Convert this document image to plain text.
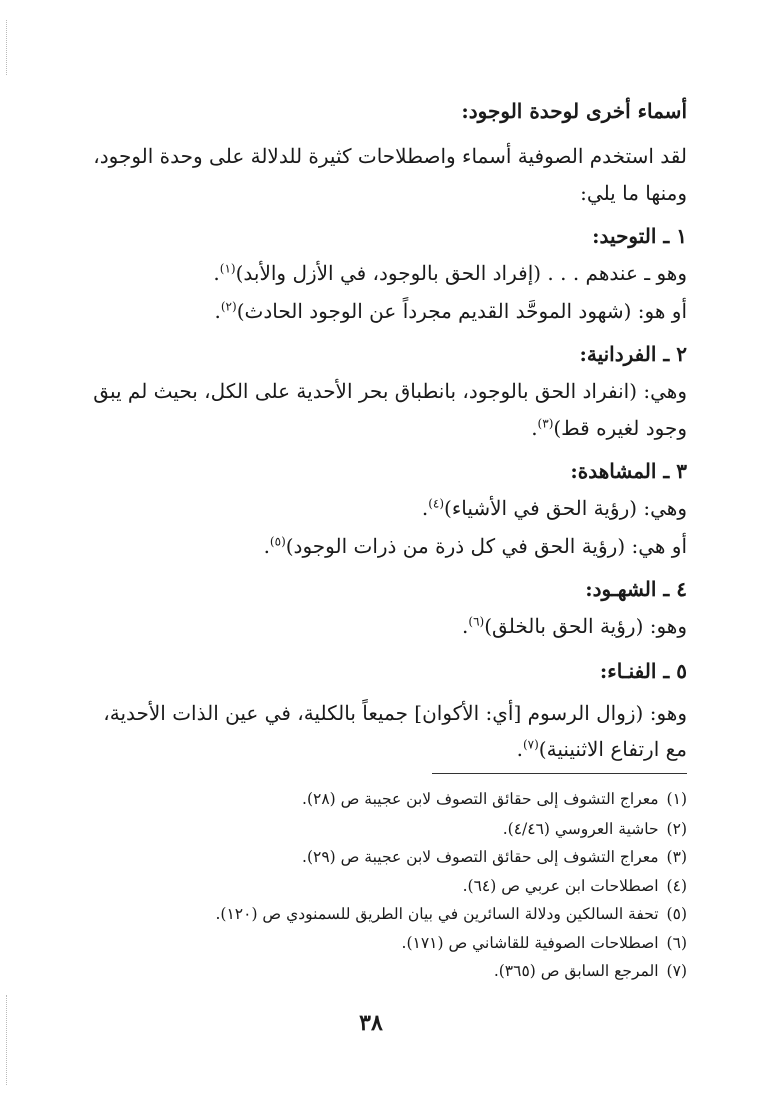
أسماء أخرى لوحدة الوجود:
لقد استخدم الصوفية أسماء واصطلاحات كثيرة للدلالة على وحدة الوجود،
ومنها ما يلي:
١ ـ التوحيد:
وهو ـ عندهم . . . (إفراد الحق بالوجود، في الأزل والأبد)$^{(١)}$.
أو هو: (شهود الموحَّد القديم مجرداً عن الوجود الحادث)$^{(٢)}$.
٢ ـ الفردانية:
وهي: (انفراد الحق بالوجود، بانطباق بحر الأحدية على الكل، بحيث لم يبق
وجود لغيره قط)$^{(٣)}$.
٣ ـ المشاهدة:
وهي: (رؤية الحق في الأشياء)$^{(٤)}$.
أو هي: (رؤية الحق في كل ذرة من ذرات الوجود)$^{(٥)}$.
٤ ـ الشهـود:
وهو: (رؤية الحق بالخلق)$^{(٦)}$.
٥ ـ الفنـاء:
وهو: (زوال الرسوم [أي: الأكوان] جميعاً بالكلية، في عين الذات الأحدية،
مع ارتفاع الاثنينية)$^{(٧)}$.
(١)معراج التشوف إلى حقائق التصوف لابن عجيبة ص (٢٨).
(٢)حاشية العروسي (٤/٤٦).
(٣)معراج التشوف إلى حقائق التصوف لابن عجيبة ص (٢٩).
(٤)اصطلاحات ابن عربي ص (٦٤).
(٥)تحفة السالكين ودلالة السائرين في بيان الطريق للسمنودي ص (١٢٠).
(٦)اصطلاحات الصوفية للقاشاني ص (١٧١).
(٧)المرجع السابق ص (٣٦٥).
٣٨
